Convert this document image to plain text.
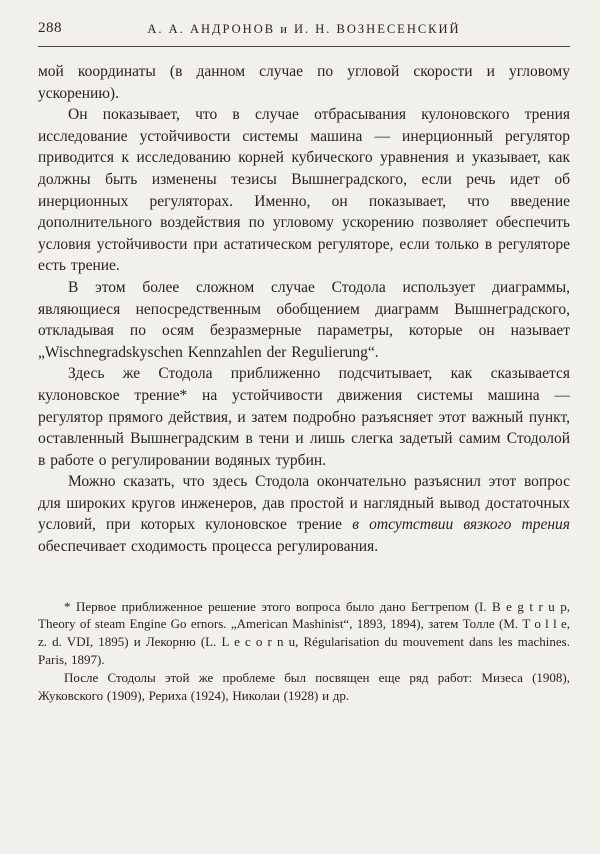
288	А. А. АНДРОНОВ и И. Н. ВОЗНЕСЕНСКИЙ

мой координаты (в данном случае по угловой скорости и угловому ускорению).

Он показывает, что в случае отбрасывания кулоновского трения исследование устойчивости системы машина — инерционный регулятор приводится к исследованию корней кубического уравнения и указывает, как должны быть изменены тезисы Вышнеградского, если речь идет об инерционных регуляторах. Именно, он показывает, что введение дополнительного воздействия по угловому ускорению позволяет обеспечить условия устойчивости при астатическом регуляторе, если только в регуляторе есть трение.

В этом более сложном случае Стодола использует диаграммы, являющиеся непосредственным обобщением диаграмм Вышнеградского, откладывая по осям безразмерные параметры, которые он называет „Wischnegradskyschen Kennzahlen der Regulierung“.

Здесь же Стодола приближенно подсчитывает, как сказывается кулоновское трение* на устойчивости движения системы машина — регулятор прямого действия, и затем подробно разъясняет этот важный пункт, оставленный Вышнеградским в тени и лишь слегка задетый самим Стодолой в работе о регулировании водяных турбин.

Можно сказать, что здесь Стодола окончательно разъяснил этот вопрос для широких кругов инженеров, дав простой и наглядный вывод достаточных условий, при которых кулоновское трение в отсутствии вязкого трения обеспечивает сходимость процесса регулирования.

* Первое приближенное решение этого вопроса было дано Бегтрепом (I. B e g t r u p, Theory of steam Engine Go ernors. „American Mashinist“, 1893, 1894), затем Толле (М. T o l l e, z. d. VDI, 1895) и Лекорню (L. L e c o r n u, Régularisation du mouvement dans les machines. Paris, 1897).

После Стодолы этой же проблеме был посвящен еще ряд работ: Мизеса (1908), Жуковского (1909), Рериха (1924), Николаи (1928) и др.
